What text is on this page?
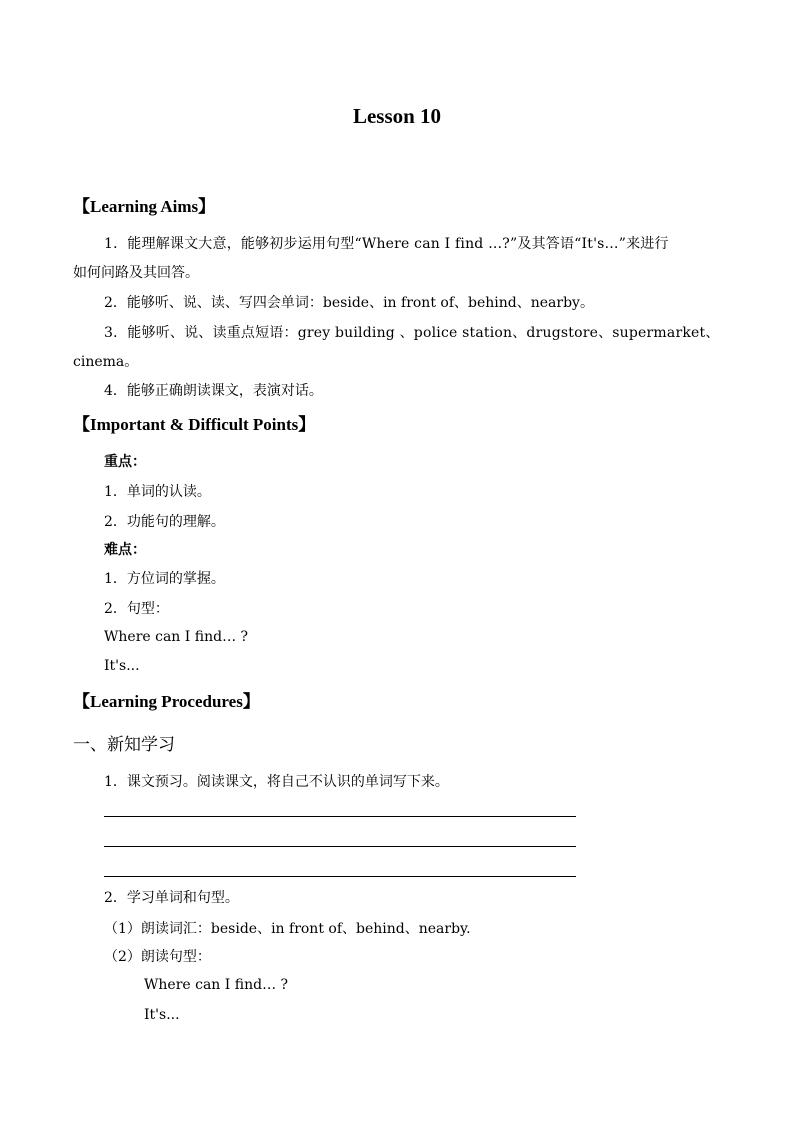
Lesson 10
【Learning Aims】
1．能理解课文大意，能够初步运用句型“Where can I find …?”及其答语“It's…”来进行
如何问路及其回答。
2．能够听、说、读、写四会单词：beside、in front of、behind、nearby。
3．能够听、说、读重点短语：grey building 、police station、drugstore、supermarket、
cinema。
4．能够正确朗读课文，表演对话。
【Important & Difficult Points】
重点：
1．单词的认读。
2．功能句的理解。
难点：
1．方位词的掌握。
2．句型：
Where can I find… ?
It's...
【Learning Procedures】
一、新知学习
1．课文预习。阅读课文，将自己不认识的单词写下来。
2．学习单词和句型。
（1）朗读词汇：beside、in front of、behind、nearby.
（2）朗读句型：
Where can I find… ?
It's...
